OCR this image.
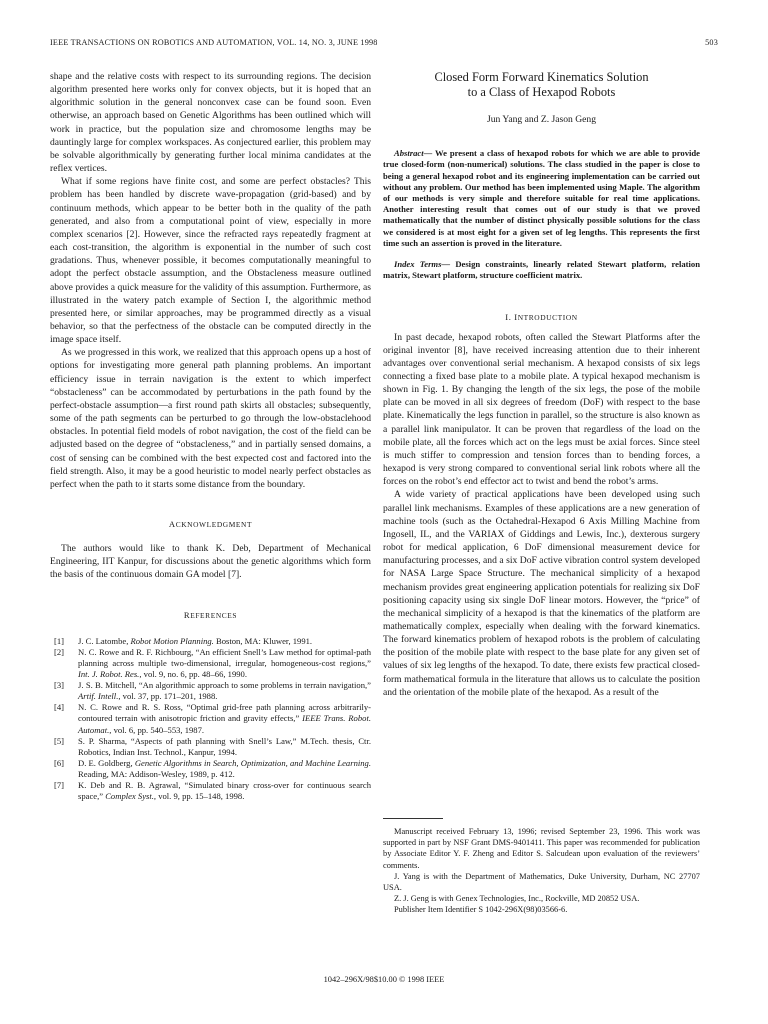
IEEE TRANSACTIONS ON ROBOTICS AND AUTOMATION, VOL. 14, NO. 3, JUNE 1998	503

shape and the relative costs with respect to its surrounding regions. The decision algorithm presented here works only for convex objects, but it is hoped that an algorithmic solution in the general nonconvex case can be found soon. Even otherwise, an approach based on Genetic Algorithms has been outlined which will work in practice, but the population size and chromosome lengths may be dauntingly large for complex workspaces. As conjectured earlier, this problem may be solvable algorithmically by generating further local minima candidates at the reflex vertices.

What if some regions have finite cost, and some are perfect obstacles? This problem has been handled by discrete wave-propagation (grid-based) and by continuum methods, which appear to be better both in the quality of the path generated, and also from a computational point of view, especially in more complex scenarios [2]. However, since the refracted rays repeatedly fragment at each cost-transition, the algorithm is exponential in the number of such cost gradations. Thus, whenever possible, it becomes computationally meaningful to adopt the perfect obstacle assumption, and the Obstacleness measure outlined above provides a quick measure for the validity of this assumption. Furthermore, as illustrated in the watery patch example of Section I, the algorithmic method presented here, or similar approaches, may be programmed directly as a visual behavior, so that the perfectness of the obstacle can be computed directly in the image space itself.

As we progressed in this work, we realized that this approach opens up a host of options for investigating more general path planning problems. An important efficiency issue in terrain navigation is the extent to which imperfect “obstacleness” can be accommodated by perturbations in the path found by the perfect-obstacle assumption—a first round path skirts all obstacles; subsequently, some of the path segments can be perturbed to go through the low-obstaclehood obstacles. In potential field models of robot navigation, the cost of the field can be adjusted based on the degree of “obstacleness,” and in partially sensed domains, a cost of sensing can be combined with the best expected cost and factored into the field strength. Also, it may be a good heuristic to model nearly perfect obstacles as perfect when the path to it starts some distance from the boundary.

ACKNOWLEDGMENT

The authors would like to thank K. Deb, Department of Mechanical Engineering, IIT Kanpur, for discussions about the genetic algorithms which form the basis of the continuous domain GA model [7].

REFERENCES
[1] J. C. Latombe, Robot Motion Planning. Boston, MA: Kluwer, 1991.
[2] N. C. Rowe and R. F. Richbourg, “An efficient Snell’s Law method for optimal-path planning across multiple two-dimensional, irregular, homogeneous-cost regions,” Int. J. Robot. Res., vol. 9, no. 6, pp. 48–66, 1990.
[3] J. S. B. Mitchell, “An algorithmic approach to some problems in terrain navigation,” Artif. Intell., vol. 37, pp. 171–201, 1988.
[4] N. C. Rowe and R. S. Ross, “Optimal grid-free path planning across arbitrarily-contoured terrain with anisotropic friction and gravity effects,” IEEE Trans. Robot. Automat., vol. 6, pp. 540–553, 1987.
[5] S. P. Sharma, “Aspects of path planning with Snell’s Law,” M.Tech. thesis, Ctr. Robotics, Indian Inst. Technol., Kanpur, 1994.
[6] D. E. Goldberg, Genetic Algorithms in Search, Optimization, and Machine Learning. Reading, MA: Addison-Wesley, 1989, p. 412.
[7] K. Deb and R. B. Agrawal, “Simulated binary cross-over for continuous search space,” Complex Syst., vol. 9, pp. 15–148, 1998.
Closed Form Forward Kinematics Solution
to a Class of Hexapod Robots
Jun Yang and Z. Jason Geng

Abstract— We present a class of hexapod robots for which we are able to provide true closed-form (non-numerical) solutions. The class studied in the paper is close to being a general hexapod robot and its engineering implementation can be carried out without any problem. Our method has been implemented using Maple. The algorithm of our methods is very simple and therefore suitable for real time applications. Another interesting result that comes out of our study is that we proved mathematically that the number of distinct physically possible solutions for the class we considered is at most eight for a given set of leg lengths. This represents the first time such an assertion is proved in the literature.

Index Terms— Design constraints, linearly related Stewart platform, relation matrix, Stewart platform, structure coefficient matrix.

I. INTRODUCTION

In past decade, hexapod robots, often called the Stewart Platforms after the original inventor [8], have received increasing attention due to their inherent advantages over conventional serial mechanism. A hexapod consists of six legs connecting a fixed base plate to a mobile plate. A typical hexapod mechanism is shown in Fig. 1. By changing the length of the six legs, the pose of the mobile plate can be moved in all six degrees of freedom (DoF) with respect to the base plate. Kinematically the legs function in parallel, so the structure is also known as a parallel link manipulator. It can be proven that regardless of the load on the mobile plate, all the forces which act on the legs must be axial forces. Since steel is much stiffer to compression and tension forces than to bending forces, a hexapod is very strong compared to conventional serial link robots where all the forces on the robot’s end effector act to twist and bend the robot’s arms.

A wide variety of practical applications have been developed using such parallel link mechanisms. Examples of these applications are a new generation of machine tools (such as the Octahedral-Hexapod 6 Axis Milling Machine from Ingosell, IL, and the VARIAX of Giddings and Lewis, Inc.), dexterous surgery robot for medical application, 6 DoF dimensional measurement device for manufacturing processes, and a six DoF active vibration control system developed for NASA Large Space Structure. The mechanical simplicity of a hexapod mechanism provides great engineering application potentials for realizing six DoF positioning capacity using six single DoF linear motors. However, the “price” of the mechanical simplicity of a hexapod is that the kinematics of the platform are mathematically complex, especially when dealing with the forward kinematics. The forward kinematics problem of hexapod robots is the problem of calculating the position of the mobile plate with respect to the base plate for any given set of values of six leg lengths of the hexapod. To date, there exists few practical closed-form mathematical formula in the literature that allows us to calculate the position and the orientation of the mobile plate of the hexapod. As a result of the

Manuscript received February 13, 1996; revised September 23, 1996. This work was supported in part by NSF Grant DMS-9401411. This paper was recommended for publication by Associate Editor Y. F. Zheng and Editor S. Salcudean upon evaluation of the reviewers’ comments.

J. Yang is with the Department of Mathematics, Duke University, Durham, NC 27707 USA.

Z. J. Geng is with Genex Technologies, Inc., Rockville, MD 20852 USA.

Publisher Item Identifier S 1042-296X(98)03566-6.

1042–296X/98$10.00 © 1998 IEEE
